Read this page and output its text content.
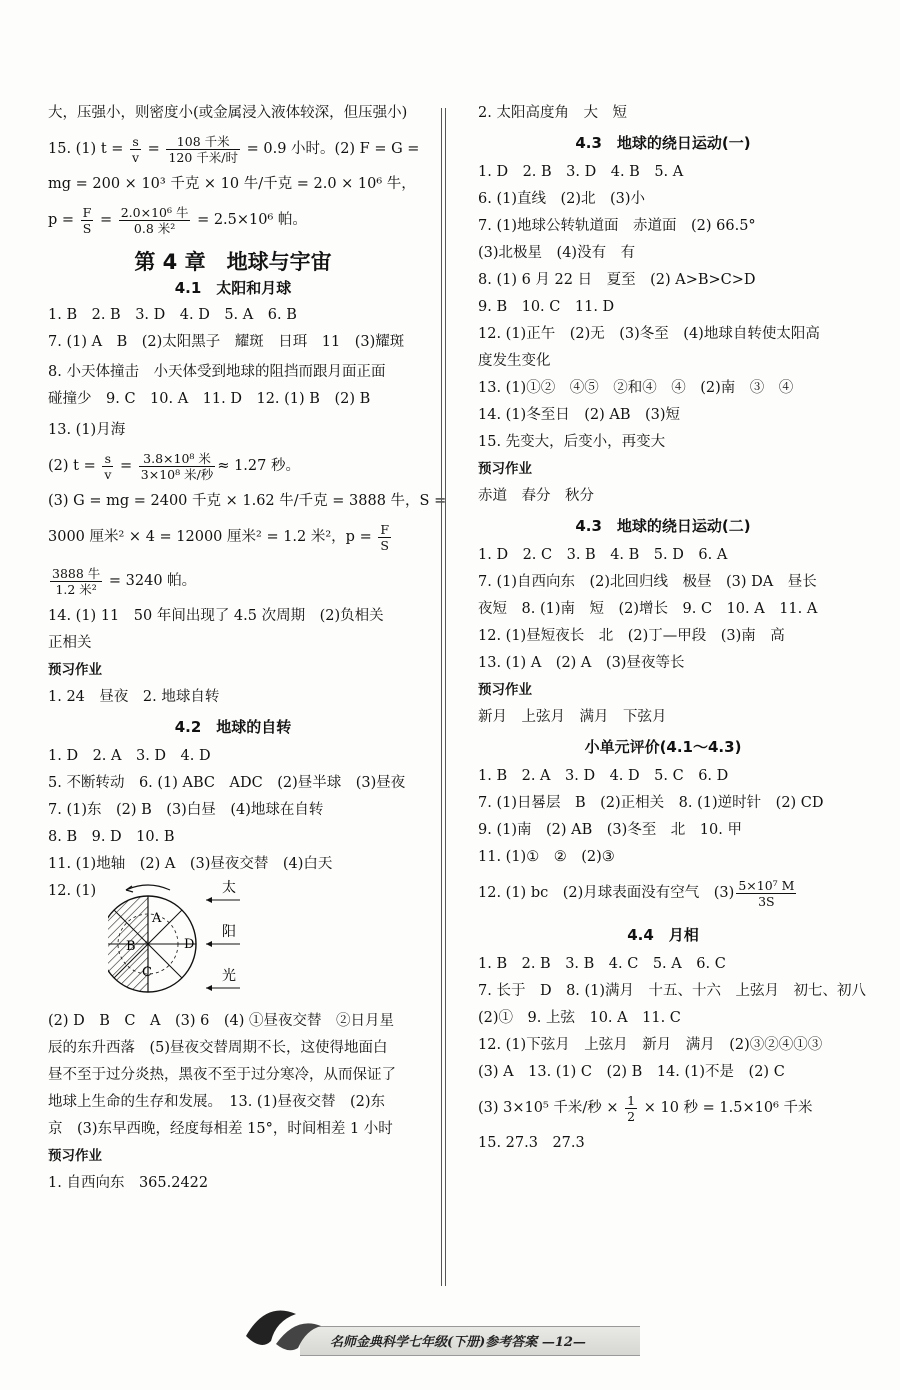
大，压强小，则密度小(或金属浸入液体较深，但压强小)
15. (1) $t = \frac{s}{v} = \frac{\text{108 千米}}{\text{120 千米/时}} = 0.9$ 小时。(2) F = G =
mg = 200 × 10³ 千克 × 10 牛/千克 = 2.0 × 10⁶ 牛，
$p = \frac{F}{S} = \frac{\text{2.0×10⁶ 牛}}{\text{0.8 米²}} = 2.5\times 10^6$ 帕。
第 4 章　地球与宇宙
4.1　太阳和月球
1. B　2. B　3. D　4. D　5. A　6. B
7. (1) A　B　(2)太阳黑子　耀斑　日珥　11　(3)耀斑
8. 小天体撞击　小天体受到地球的阻挡而跟月面正面
碰撞少　9. C　10. A　11. D　12. (1) B　(2) B
13. (1)月海
(2) $t = \frac{s}{v} = \frac{\text{3.8×10⁸ 米}}{\text{3×10⁸ 米/秒}} \approx 1.27$ 秒。
(3) G = mg = 2400 千克 × 1.62 牛/千克 = 3888 牛，S =
3000 厘米² × 4 = 12000 厘米² = 1.2 米²，$p = \frac{F}{S}$
$\frac{\text{3888 牛}}{\text{1.2 米²}} = 3240$ 帕。
14. (1) 11　50 年间出现了 4.5 次周期　(2)负相关
正相关
预习作业
1. 24　昼夜　2. 地球自转
4.2　地球的自转
1. D　2. A　3. D　4. D
5. 不断转动　6. (1) ABC　ADC　(2)昼半球　(3)昼夜
7. (1)东　(2) B　(3)白昼　(4)地球在自转
8. B　9. D　10. B
11. (1)地轴　(2) A　(3)昼夜交替　(4)白天
12. (1)
A
B
C
D
太
阳
光
(2) D　B　C　A　(3) 6　(4) ①昼夜交替　②日月星
辰的东升西落　(5)昼夜交替周期不长，这使得地面白
昼不至于过分炎热，黑夜不至于过分寒冷，从而保证了
地球上生命的生存和发展。　13. (1)昼夜交替　(2)东
京　(3)东早西晚，经度每相差 15°，时间相差 1 小时
预习作业
1. 自西向东　365.2422
2. 太阳高度角　大　短
4.3　地球的绕日运动(一)
1. D　2. B　3. D　4. B　5. A
6. (1)直线　(2)北　(3)小
7. (1)地球公转轨道面　赤道面　(2) 66.5°
(3)北极星　(4)没有　有
8. (1) 6 月 22 日　夏至　(2) A>B>C>D
9. B　10. C　11. D
12. (1)正午　(2)无　(3)冬至　(4)地球自转使太阳高
度发生变化
13. (1)①②　④⑤　②和④　④　(2)南　③　④
14. (1)冬至日　(2) AB　(3)短
15. 先变大，后变小，再变大
预习作业
赤道　春分　秋分
4.3　地球的绕日运动(二)
1. D　2. C　3. B　4. B　5. D　6. A
7. (1)自西向东　(2)北回归线　极昼　(3) DA　昼长
夜短　8. (1)南　短　(2)增长　9. C　10. A　11. A
12. (1)昼短夜长　北　(2)丁—甲段　(3)南　高
13. (1) A　(2) A　(3)昼夜等长
预习作业
新月　上弦月　满月　下弦月
小单元评价(4.1～4.3)
1. B　2. A　3. D　4. D　5. C　6. D
7. (1)日晷层　B　(2)正相关　8. (1)逆时针　(2) CD
9. (1)南　(2) AB　(3)冬至　北　10. 甲
11. (1)①　②　(2)③
12. (1) bc　(2)月球表面没有空气　$(3) \frac{\text{5×10⁷ M}}{3S}$
4.4　月相
1. B　2. B　3. B　4. C　5. A　6. C
7. 长于　D　8. (1)满月　十五、十六　上弦月　初七、初八
(2)①　9. 上弦　10. A　11. C
12. (1)下弦月　上弦月　新月　满月　(2)③②④①③
(3) A　13. (1) C　(2) B　14. (1)不是　(2) C
(3) 3×10⁵ 千米/秒 × $\frac{1}{2} \times 10$ 秒 = 1.5×10⁶ 千米
15. 27.3　27.3
名师金典科学七年级(下册)参考答案 —12—
